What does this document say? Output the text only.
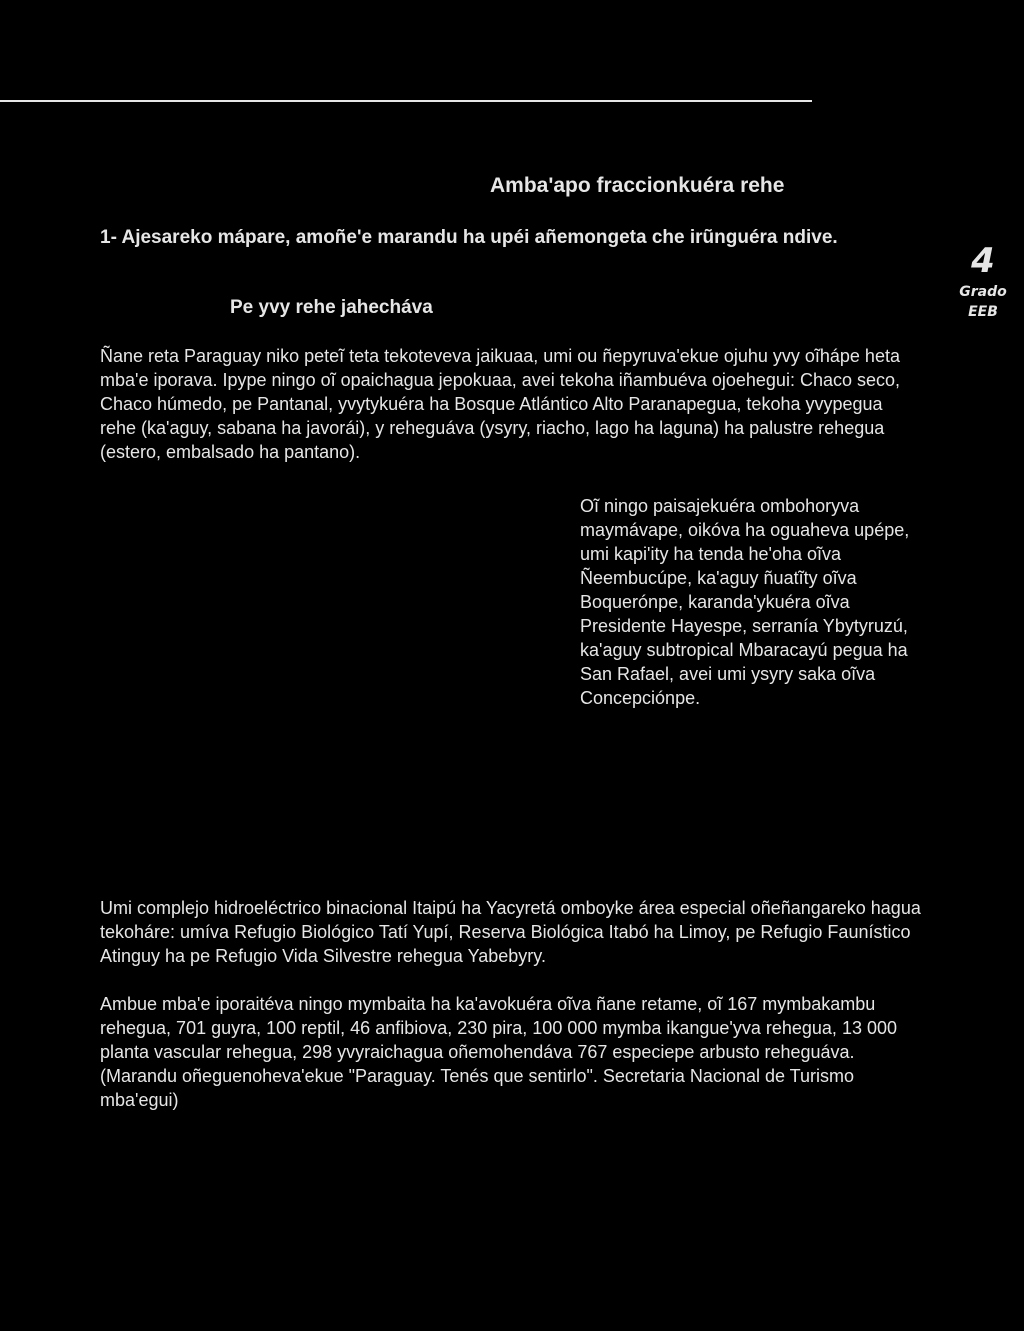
Amba'apo fraccionkuéra rehe

1- Ajesareko mápare, amoñe'e marandu ha upéi añemongeta che irũnguéra ndive.

Pe yvy rehe jahecháva
4
Grado
EEB

Ñane reta Paraguay niko peteĩ teta tekoteveva jaikuaa, umi ou ñepyruva'ekue ojuhu yvy oĩhápe heta mba'e iporava. Ipype ningo oĩ opaichagua jepokuaa, avei tekoha iñambuéva ojoehegui: Chaco seco, Chaco húmedo, pe Pantanal, yvytykuéra ha Bosque Atlántico Alto Paranapegua, tekoha yvypegua rehe (ka'aguy, sabana ha javorái), y reheguáva (ysyry, riacho, lago ha laguna) ha palustre rehegua (estero, embalsado ha pantano).

Oĩ ningo paisajekuéra ombohoryva maymávape, oikóva ha oguaheva upépe, umi kapi'ity ha tenda he'oha oĩva Ñeembucúpe, ka'aguy ñuatĩty oĩva Boquerónpe, karanda'ykuéra oĩva Presidente Hayespe, serranía Ybytyruzú, ka'aguy subtropical Mbaracayú pegua ha San Rafael, avei umi ysyry saka oĩva Concepciónpe.

Umi complejo hidroeléctrico binacional Itaipú ha Yacyretá omboyke área especial oñeñangareko hagua tekoháre: umíva Refugio Biológico Tatí Yupí, Reserva Biológica Itabó ha Limoy, pe Refugio Faunístico Atinguy ha pe Refugio Vida Silvestre rehegua Yabebyry.

Ambue mba'e iporaitéva ningo mymbaita ha ka'avokuéra oĩva ñane retame, oĩ 167 mymbakambu rehegua, 701 guyra, 100 reptil, 46 anfibiova, 230 pira, 100 000 mymba ikangue'yva rehegua, 13 000 planta vascular rehegua, 298 yvyraichagua oñemohendáva 767 especiepe arbusto reheguáva. (Marandu oñeguenoheva'ekue "Paraguay. Tenés que sentirlo". Secretaria Nacional de Turismo mba'egui)
